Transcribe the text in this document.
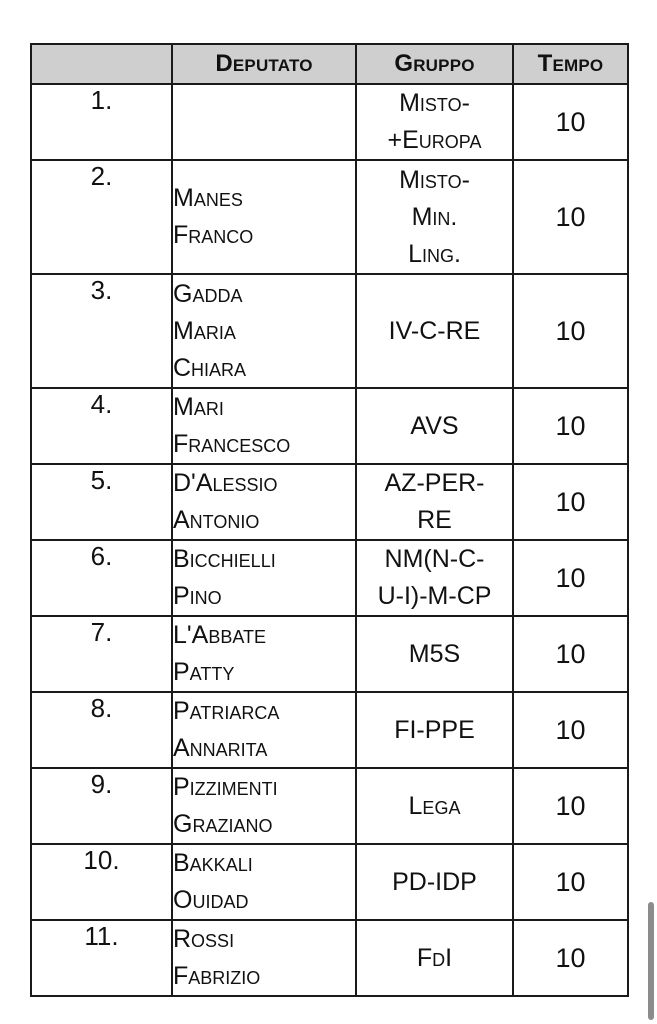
	Deputato	Gruppo	Tempo
1.		Misto-
+Europa	10
2.	Manes
Franco	Misto-
Min.
Ling.	10
3.	Gadda
Maria
Chiara	IV-C-RE	10
4.	Mari
Francesco	AVS	10
5.	D'Alessio
Antonio	AZ-PER-
RE	10
6.	Bicchielli
Pino	NM(N-C-
U-I)-M-CP	10
7.	L'Abbate
Patty	M5S	10
8.	Patriarca
Annarita	FI-PPE	10
9.	Pizzimenti
Graziano	Lega	10
10.	Bakkali
Ouidad	PD-IDP	10
11.	Rossi
Fabrizio	FdI	10
